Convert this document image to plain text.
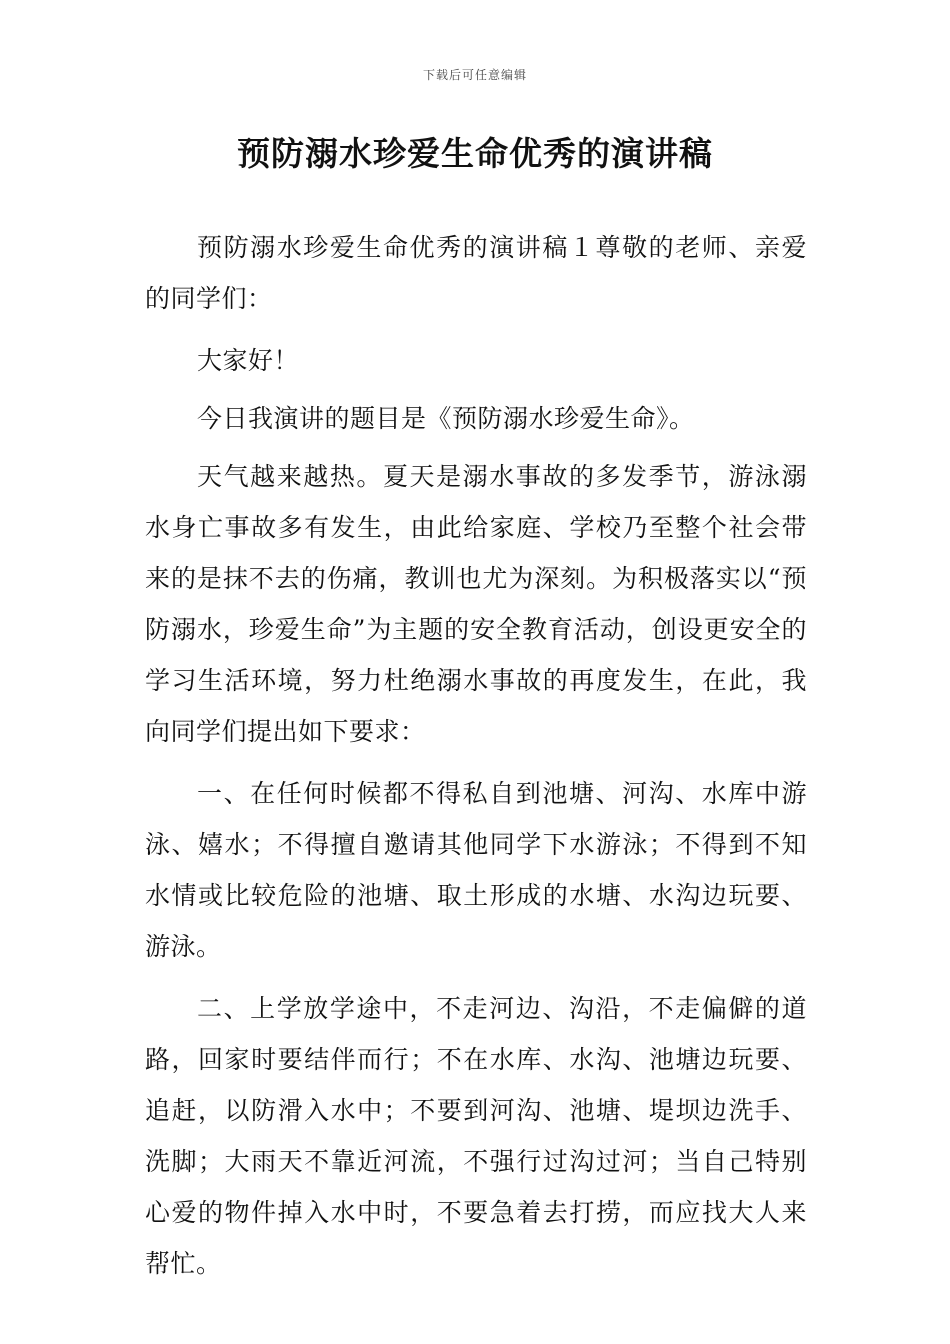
下载后可任意编辑
预防溺水珍爱生命优秀的演讲稿

预防溺水珍爱生命优秀的演讲稿１尊敬的老师、亲爱的同学们：

大家好！

今日我演讲的题目是《预防溺水珍爱生命》。

天气越来越热。夏天是溺水事故的多发季节，游泳溺水身亡事故多有发生，由此给家庭、学校乃至整个社会带来的是抹不去的伤痛，教训也尤为深刻。为积极落实以“预防溺水，珍爱生命”为主题的安全教育活动，创设更安全的学习生活环境，努力杜绝溺水事故的再度发生，在此，我向同学们提出如下要求：

一、在任何时候都不得私自到池塘、河沟、水库中游泳、嬉水；不得擅自邀请其他同学下水游泳；不得到不知水情或比较危险的池塘、取土形成的水塘、水沟边玩要、游泳。

二、上学放学途中，不走河边、沟沿，不走偏僻的道路，回家时要结伴而行；不在水库、水沟、池塘边玩要、追赶，以防滑入水中；不要到河沟、池塘、堤坝边洗手、洗脚；大雨天不靠近河流，不强行过沟过河；当自己特别心爱的物件掉入水中时，不要急着去打捞，而应找大人来帮忙。
